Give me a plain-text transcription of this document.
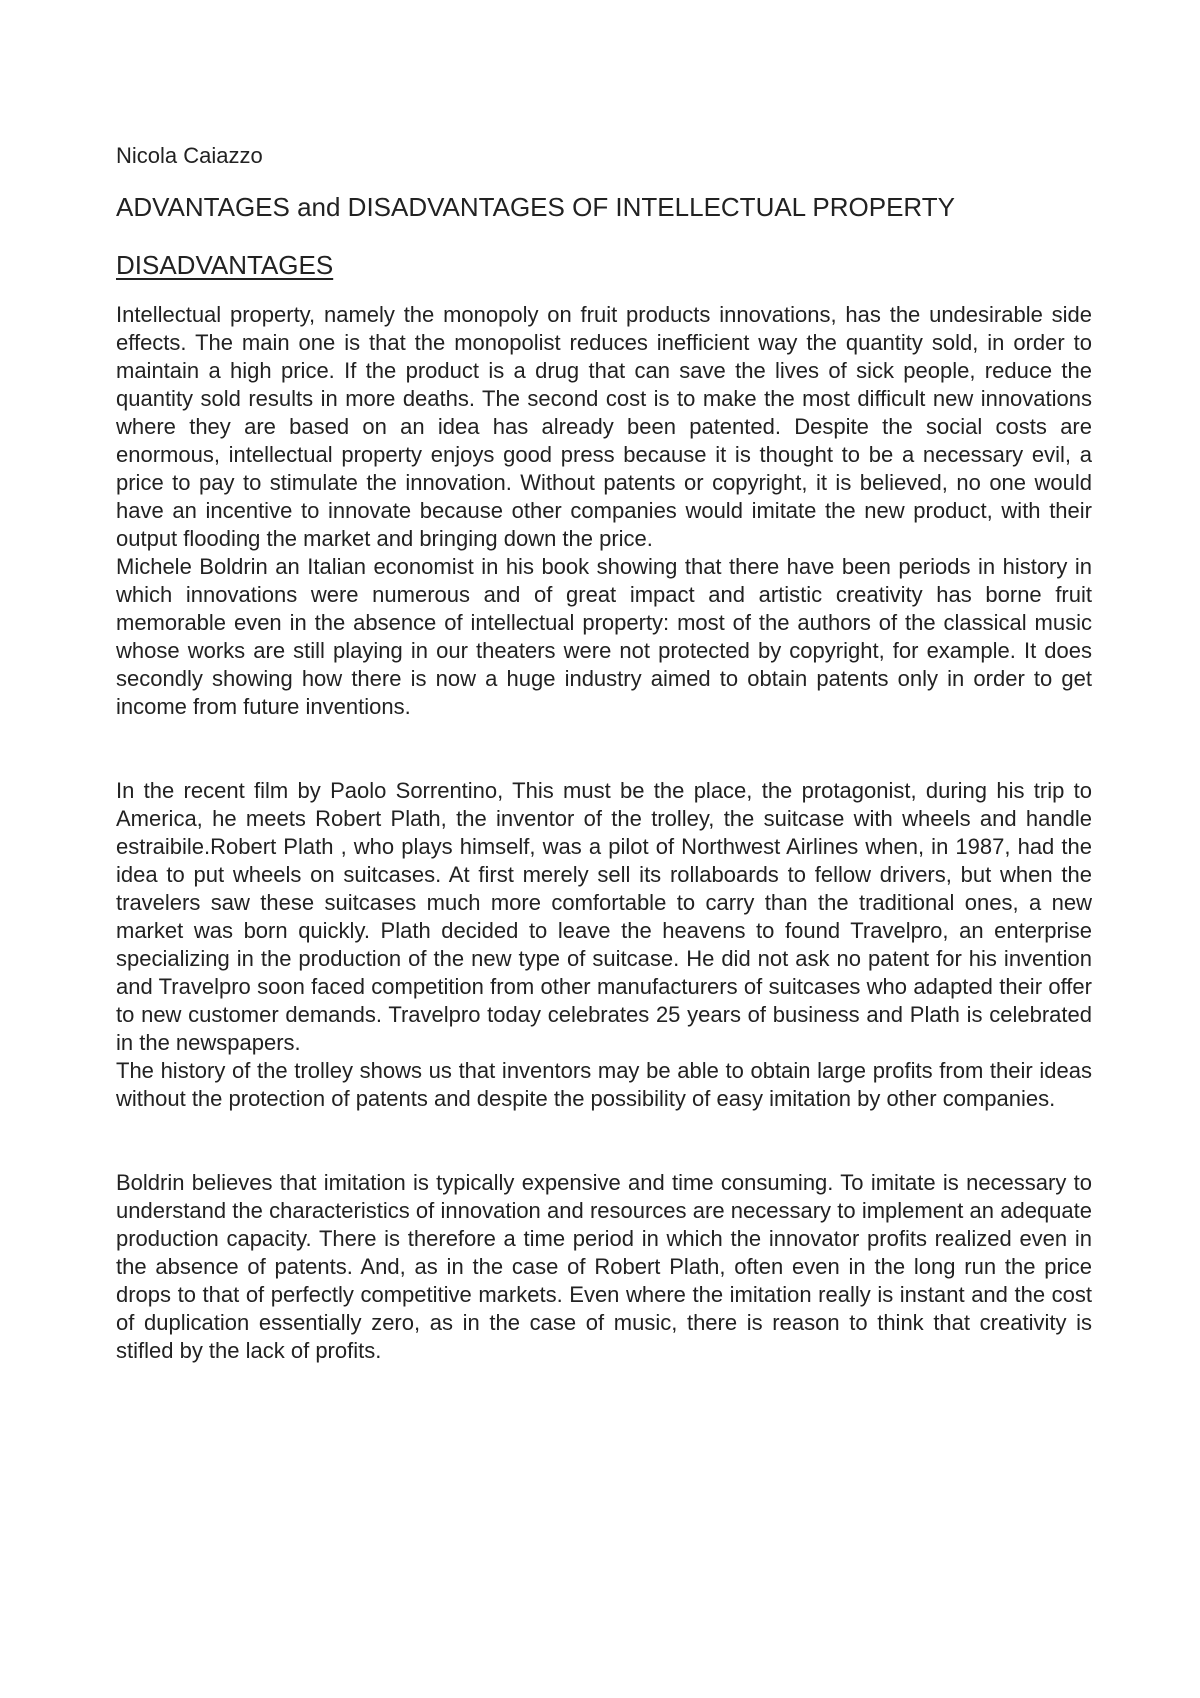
Nicola Caiazzo
ADVANTAGES and DISADVANTAGES OF INTELLECTUAL PROPERTY
DISADVANTAGES

Intellectual property, namely the monopoly on fruit products innovations, has the undesirable side effects. The main one is that the monopolist reduces inefficient way the quantity sold, in order to maintain a high price. If the product is a drug that can save the lives of sick people, reduce the quantity sold results in more deaths. The second cost is to make the most difficult new innovations where they are based on an idea has already been patented. Despite the social costs are enormous, intellectual property enjoys good press because it is thought to be a necessary evil, a price to pay to stimulate the innovation. Without patents or copyright, it is believed, no one would have an incentive to innovate because other companies would imitate the new product, with their output flooding the market and bringing down the price.

Michele Boldrin an Italian economist in his book showing that there have been periods in history in which innovations were numerous and of great impact and artistic creativity has borne fruit memorable even in the absence of intellectual property: most of the authors of the classical music whose works are still playing in our theaters were not protected by copyright, for example. It does secondly showing how there is now a huge industry aimed to obtain patents only in order to get income from future inventions.

In the recent film by Paolo Sorrentino, This must be the place, the protagonist, during his trip to America, he meets Robert Plath, the inventor of the trolley, the suitcase with wheels and handle estraibile.Robert Plath , who plays himself, was a pilot of Northwest Airlines when, in 1987, had the idea to put wheels on suitcases. At first merely sell its rollaboards to fellow drivers, but when the travelers saw these suitcases much more comfortable to carry than the traditional ones, a new market was born quickly. Plath decided to leave the heavens to found Travelpro, an enterprise specializing in the production of the new type of suitcase. He did not ask no patent for his invention and Travelpro soon faced competition from other manufacturers of suitcases who adapted their offer to new customer demands. Travelpro today celebrates 25 years of business and Plath is celebrated in the newspapers.

The history of the trolley shows us that inventors may be able to obtain large profits from their ideas without the protection of patents and despite the possibility of easy imitation by other companies.

Boldrin believes that imitation is typically expensive and time consuming. To imitate is necessary to understand the characteristics of innovation and resources are necessary to implement an adequate production capacity. There is therefore a time period in which the innovator profits realized even in the absence of patents. And, as in the case of Robert Plath, often even in the long run the price drops to that of perfectly competitive markets. Even where the imitation really is instant and the cost of duplication essentially zero, as in the case of music, there is reason to think that creativity is stifled by the lack of profits.
